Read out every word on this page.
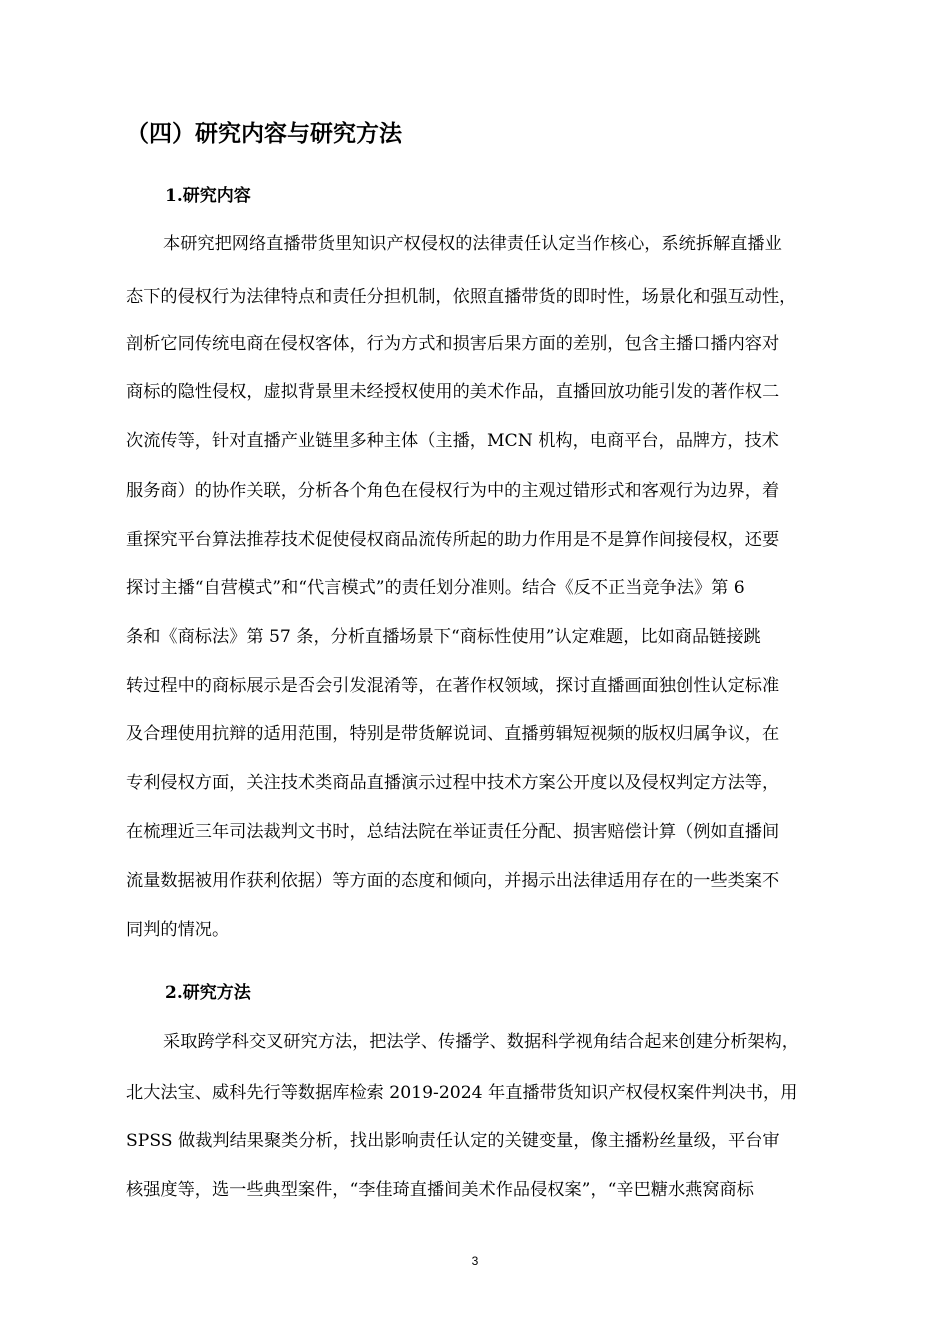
（四）研究内容与研究方法
1.研究内容

本研究把网络直播带货里知识产权侵权的法律责任认定当作核心，系统拆解直播业

态下的侵权行为法律特点和责任分担机制，依照直播带货的即时性，场景化和强互动性，

剖析它同传统电商在侵权客体，行为方式和损害后果方面的差别，包含主播口播内容对

商标的隐性侵权，虚拟背景里未经授权使用的美术作品，直播回放功能引发的著作权二

次流传等，针对直播产业链里多种主体（主播，MCN 机构，电商平台，品牌方，技术

服务商）的协作关联，分析各个角色在侵权行为中的主观过错形式和客观行为边界，着

重探究平台算法推荐技术促使侵权商品流传所起的助力作用是不是算作间接侵权，还要

探讨主播“自营模式”和“代言模式”的责任划分准则。结合《反不正当竞争法》第 6

条和《商标法》第 57 条，分析直播场景下“商标性使用”认定难题，比如商品链接跳

转过程中的商标展示是否会引发混淆等，在著作权领域，探讨直播画面独创性认定标准

及合理使用抗辩的适用范围，特别是带货解说词、直播剪辑短视频的版权归属争议，在

专利侵权方面，关注技术类商品直播演示过程中技术方案公开度以及侵权判定方法等，

在梳理近三年司法裁判文书时，总结法院在举证责任分配、损害赔偿计算（例如直播间

流量数据被用作获利依据）等方面的态度和倾向，并揭示出法律适用存在的一些类案不

同判的情况。

2.研究方法

采取跨学科交叉研究方法，把法学、传播学、数据科学视角结合起来创建分析架构，

北大法宝、威科先行等数据库检索 2019-2024 年直播带货知识产权侵权案件判决书，用

SPSS 做裁判结果聚类分析，找出影响责任认定的关键变量，像主播粉丝量级，平台审

核强度等，选一些典型案件，“李佳琦直播间美术作品侵权案”，“辛巴糖水燕窝商标

3
